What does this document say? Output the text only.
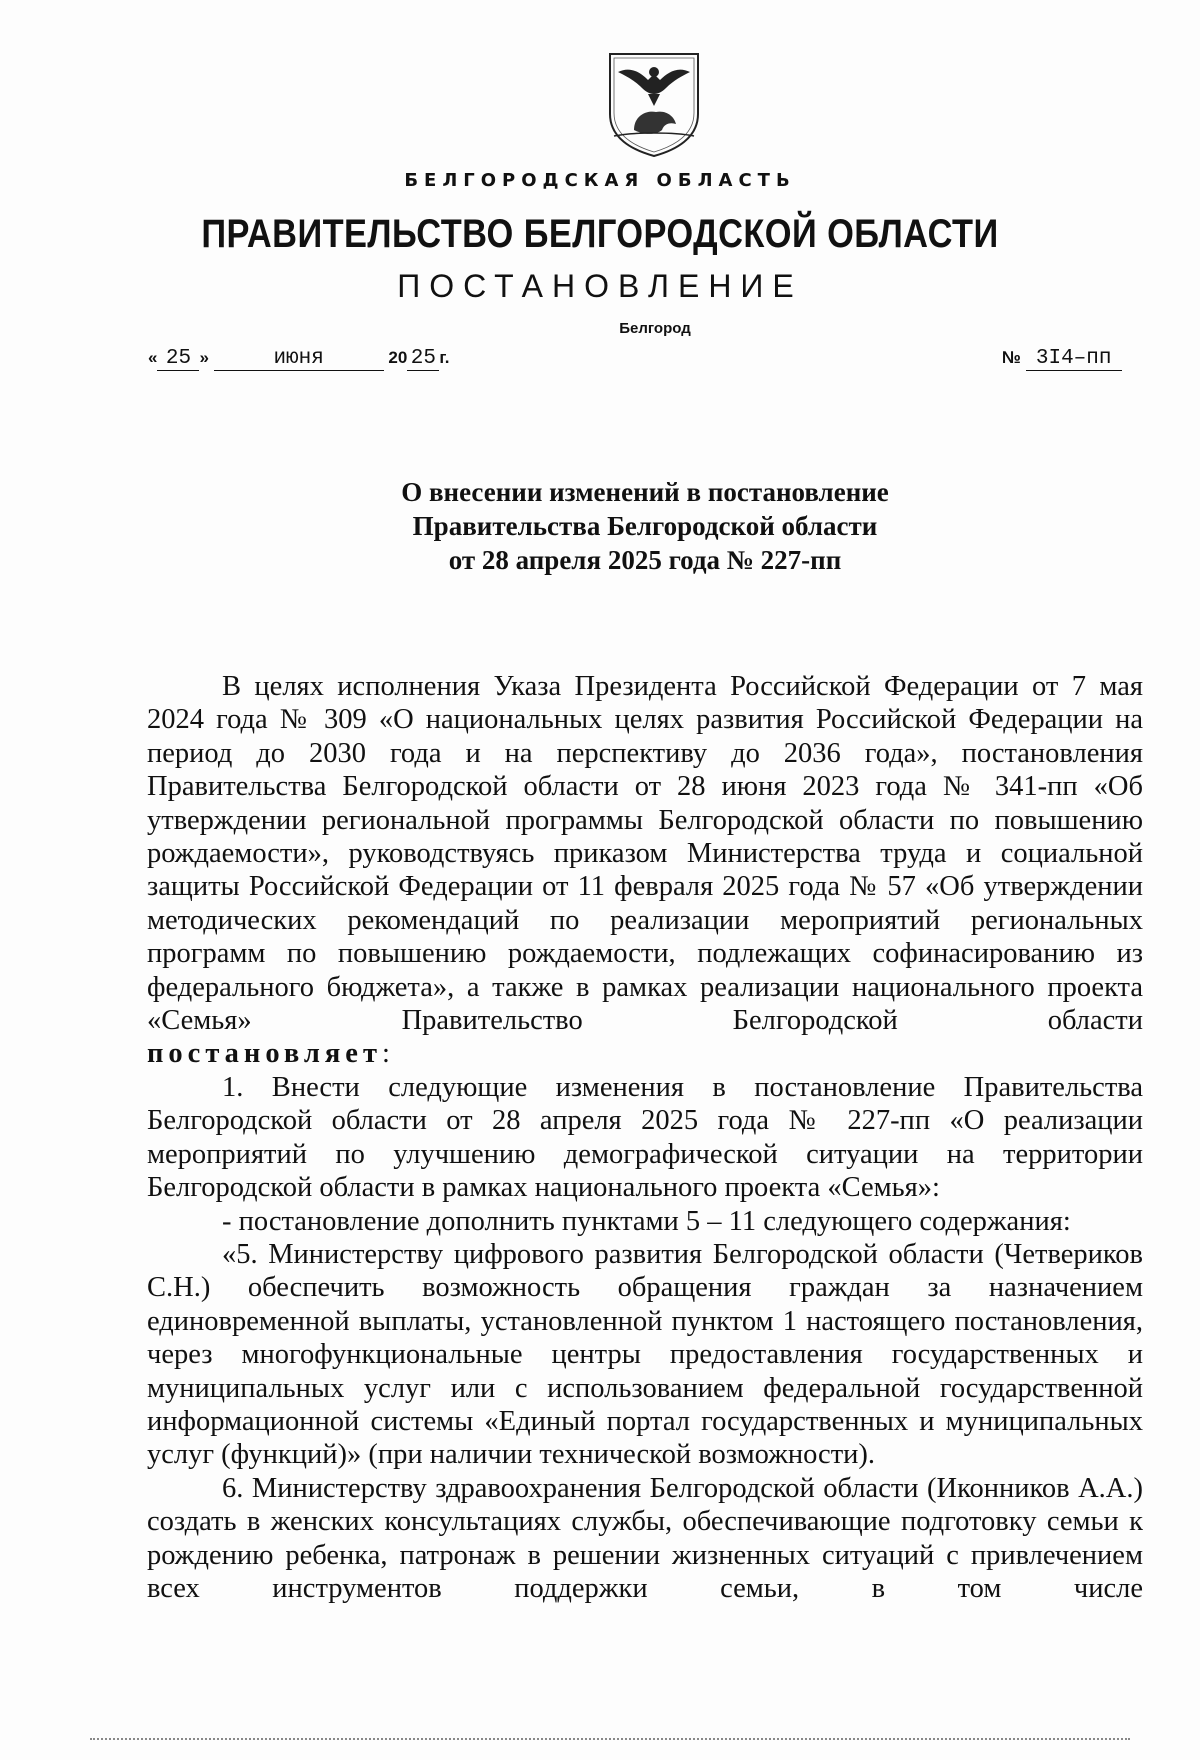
БЕЛГОРОДСКАЯ ОБЛАСТЬ
ПРАВИТЕЛЬСТВО БЕЛГОРОДСКОЙ ОБЛАСТИ
ПОСТАНОВЛЕНИЕ
Белгород
« 25 »	июня	20 25 г.	№ 3I4–пп
О внесении изменений в постановление
Правительства Белгородской области
от 28 апреля 2025 года № 227-пп

В целях исполнения Указа Президента Российской Федерации от 7 мая 2024 года № 309 «О национальных целях развития Российской Федерации на период до 2030 года и на перспективу до 2036 года», постановления Правительства Белгородской области от 28 июня 2023 года № 341-пп «Об утверждении региональной программы Белгородской области по повышению рождаемости», руководствуясь приказом Министерства труда и социальной защиты Российской Федерации от 11 февраля 2025 года № 57 «Об утверждении методических рекомендаций по реализации мероприятий региональных программ по повышению рождаемости, подлежащих софинасированию из федерального бюджета», а также в рамках реализации национального проекта «Семья» Правительство Белгородской области

постановляет:

1. Внести следующие изменения в постановление Правительства Белгородской области от 28 апреля 2025 года № 227-пп «О реализации мероприятий по улучшению демографической ситуации на территории Белгородской области в рамках национального проекта «Семья»:

- постановление дополнить пунктами 5 – 11 следующего содержания:

«5. Министерству цифрового развития Белгородской области (Четвериков С.Н.) обеспечить возможность обращения граждан за назначением единовременной выплаты, установленной пунктом 1 настоящего постановления, через многофункциональные центры предоставления государственных и муниципальных услуг или с использованием федеральной государственной информационной системы «Единый портал государственных и муниципальных услуг (функций)» (при наличии технической возможности).

6. Министерству здравоохранения Белгородской области (Иконников А.А.) создать в женских консультациях службы, обеспечивающие подготовку семьи к рождению ребенка, патронаж в решении жизненных ситуаций с привлечением всех инструментов поддержки семьи, в том числе
